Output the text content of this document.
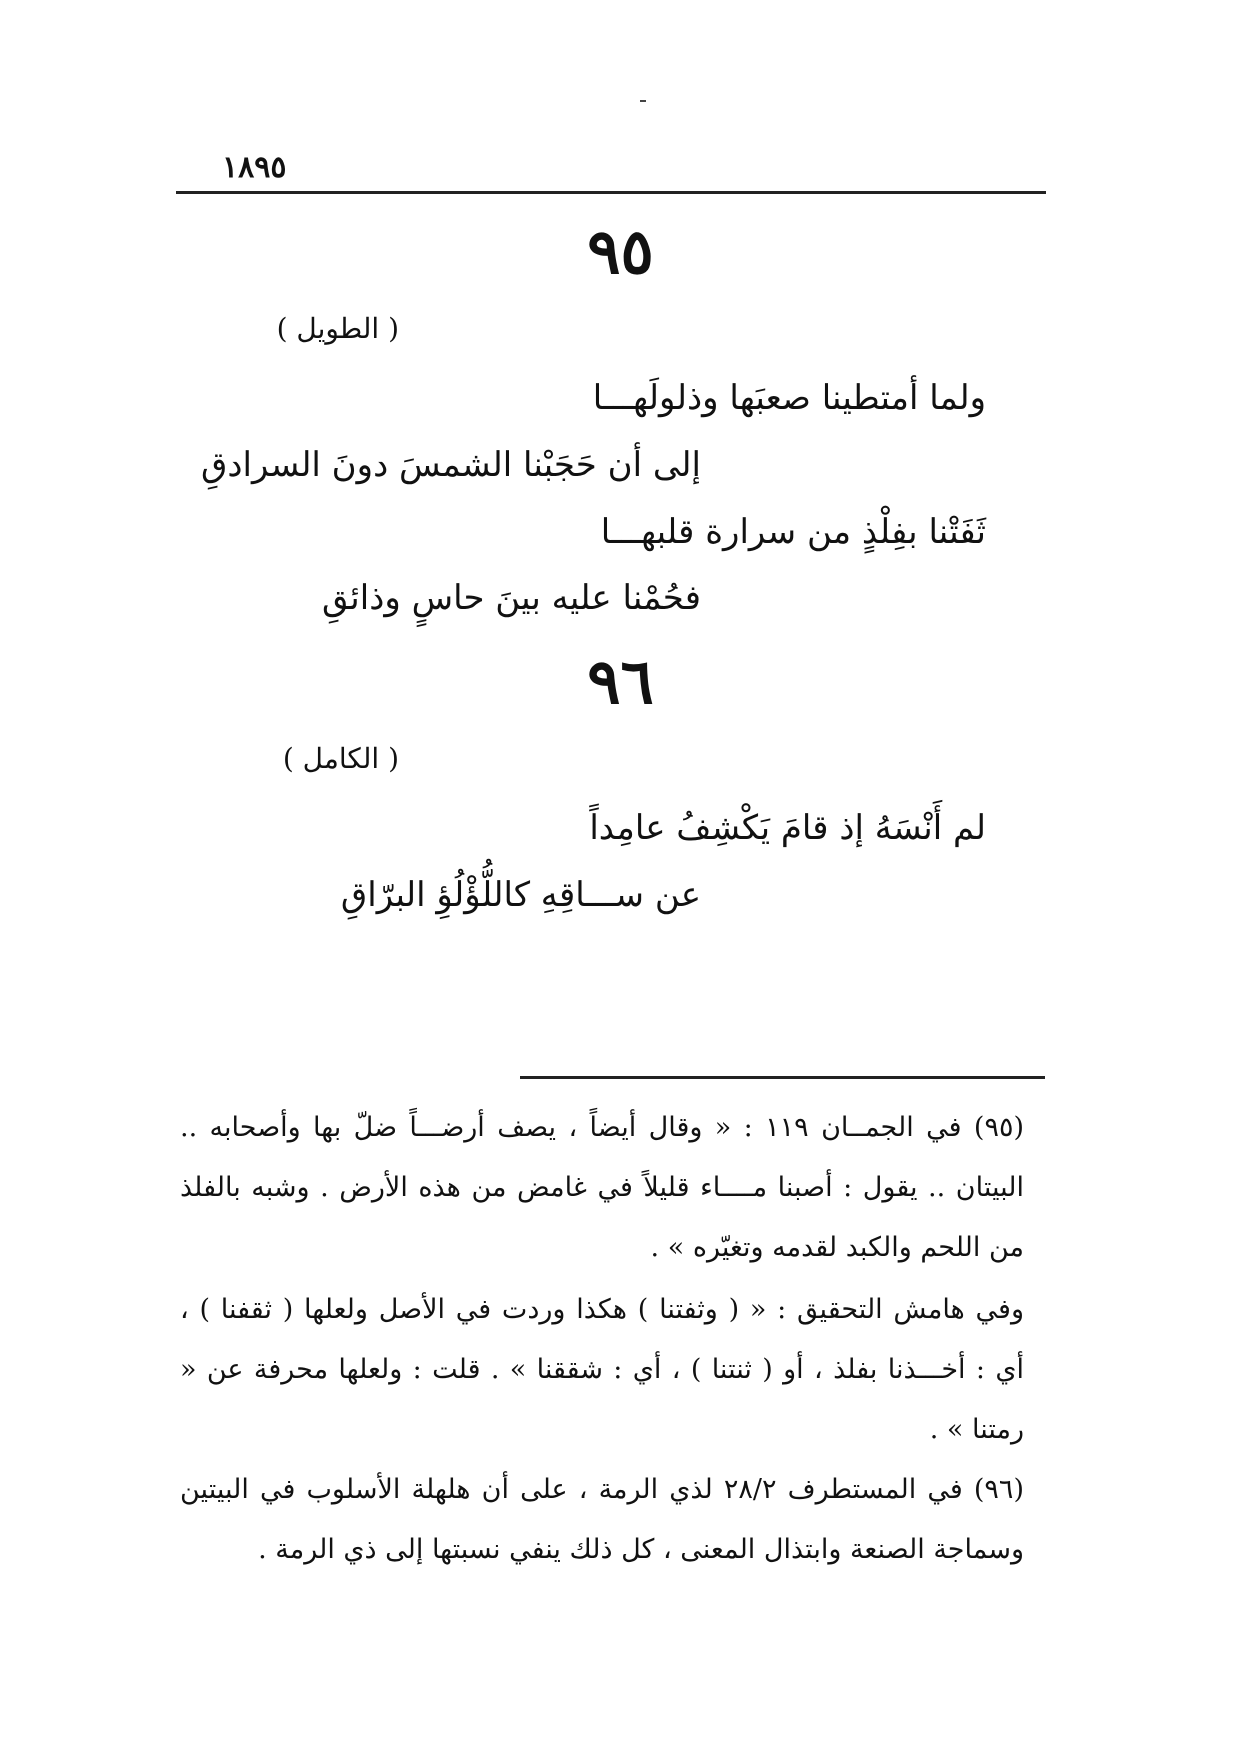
١٨٩٥
٩٥
( الطويل )
ولما أمتطينا صعبَها وذلولَهـــا
إلى أن حَجَبْنا الشمسَ دونَ السرادقِ
ثَفَتْنا بفِلْذٍ من سرارة قلبهـــا
فحُمْنا عليه بينَ حاسٍ وذائقِ
٩٦
( الكامل )
لم أَنْسَهُ إذ قامَ يَكْشِفُ عامِداً
عن ســـاقِهِ كاللُّؤْلُؤِ البرّاقِ
(٩٥) في الجمــان ١١٩ : « وقال أيضاً ، يصف أرضـــاً ضلّ بها وأصحابه .. البيتان .. يقول : أصبنا مــــاء قليلاً في غامض من هذه الأرض . وشبه بالفلذ من اللحم والكبد لقدمه وتغيّره » .
وفي هامش التحقيق : « ( وثفتنا ) هكذا وردت في الأصل ولعلها ( ثقفنا ) ، أي : أخـــذنا بفلذ ، أو ( ثنتنا ) ، أي : شققنا » . قلت : ولعلها محرفة عن « رمتنا » .
(٩٦) في المستطرف ٢٨/٢ لذي الرمة ، على أن هلهلة الأسلوب في البيتين وسماجة الصنعة وابتذال المعنى ، كل ذلك ينفي نسبتها إلى ذي الرمة .
